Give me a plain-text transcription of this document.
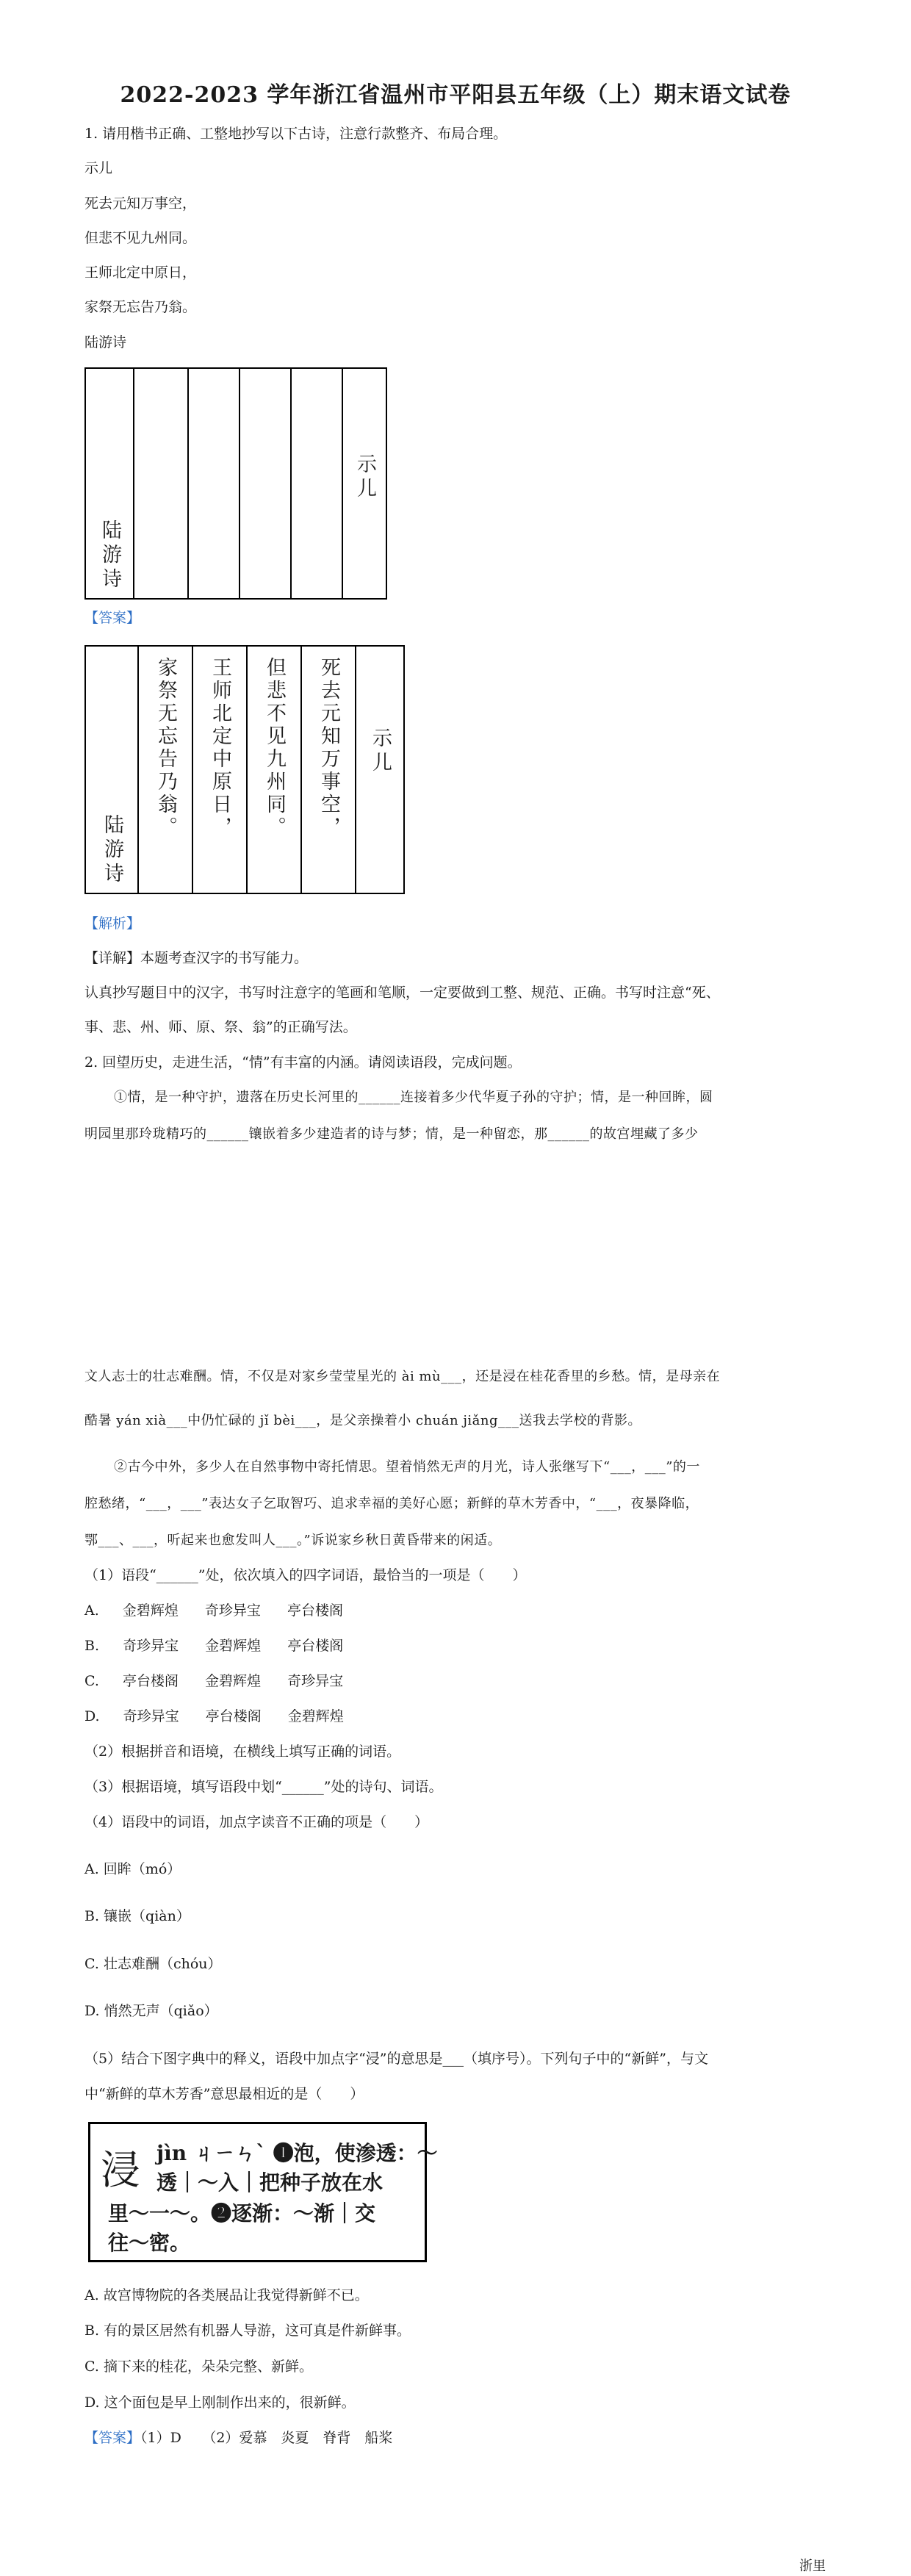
2022-2023 学年浙江省温州市平阳县五年级（上）期末语文试卷
1. 请用楷书正确、工整地抄写以下古诗，注意行款整齐、布局合理。
示儿
死去元知万事空，
但悲不见九州同。
王师北定中原日，
家祭无忘告乃翁。
陆游诗
陆游诗
示儿
【答案】
陆游诗
家祭无忘告乃翁。 王师北定中原日， 但悲不见九州同。 死去元知万事空， 示儿
【解析】
【详解】本题考查汉字的书写能力。
认真抄写题目中的汉字，书写时注意字的笔画和笔顺，一定要做到工整、规范、正确。书写时注意“死、
事、悲、州、师、原、祭、翁”的正确写法。
2. 回望历史，走进生活，“情”有丰富的内涵。请阅读语段，完成问题。
①情，是一种守护，遗落在历史长河里的______连接着多少代华夏子孙的守护；情，是一种回眸，圆
明园里那玲珑精巧的______镶嵌着多少建造者的诗与梦；情，是一种留恋，那______的故宫埋藏了多少
文人志士的壮志难酬。情，不仅是对家乡莹莹星光的 ài mù___，还是浸在桂花香里的乡愁。情，是母亲在
酷暑 yán xià___中仍忙碌的 jǐ bèi___，是父亲操着小 chuán jiǎng___送我去学校的背影。
②古今中外，多少人在自然事物中寄托情思。望着悄然无声的月光，诗人张继写下“___，___”的一
腔愁绪，“___，___”表达女子乞取智巧、追求幸福的美好心愿；新鲜的草木芳香中，“___，夜暴降临，
鄂___、___，听起来也愈发叫人___。”诉说家乡秋日黄昏带来的闲适。
（1）语段“______”处，依次填入的四字词语，最恰当的一项是（　　）
A. 金碧辉煌 奇珍异宝 亭台楼阁
B. 奇珍异宝 金碧辉煌 亭台楼阁
C. 亭台楼阁 金碧辉煌 奇珍异宝
D. 奇珍异宝 亭台楼阁 金碧辉煌
（2）根据拼音和语境，在横线上填写正确的词语。
（3）根据语境，填写语段中划“______”处的诗句、词语。
（4）语段中的词语，加点字读音不正确的项是（　　）
A. 回眸（mó）
B. 镶嵌（qiàn）
C. 壮志难酬（chóu）
D. 悄然无声（qiǎo）
（5）结合下图字典中的释义，语段中加点字“浸”的意思是___（填序号）。下列句子中的“新鲜”，与文
中“新鲜的草木芳香”意思最相近的是（　　）
浸 jìn ㄐㄧㄣˋ ❶泡，使渗透：～
透｜～入｜把种子放在水
里～一～。❷逐渐：～渐｜交
往～密。
A. 故宫博物院的各类展品让我觉得新鲜不已。
B. 有的景区居然有机器人导游，这可真是件新鲜事。
C. 摘下来的桂花，朵朵完整、新鲜。
D. 这个面包是早上刚制作出来的，很新鲜。
【答案】（1）D　　（2）爱慕　炎夏　脊背　船桨
浙里
